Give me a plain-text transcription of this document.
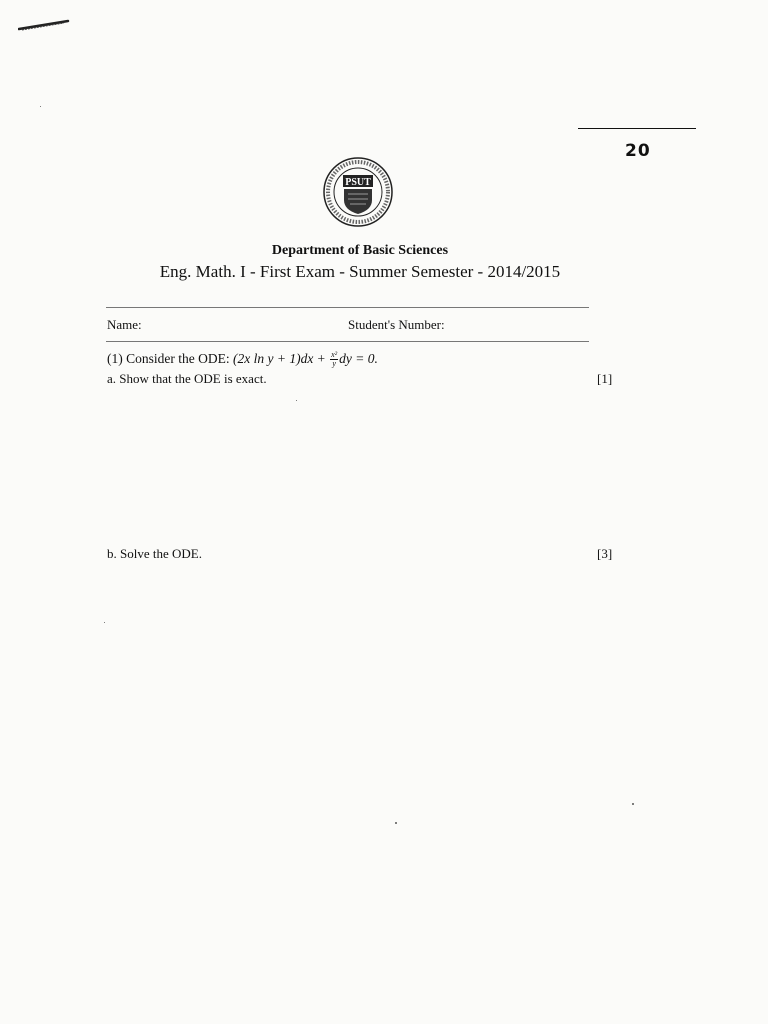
20
PSUT
Department of Basic Sciences
Eng. Math. I - First Exam - Summer Semester - 2014/2015
Name:	Student's Number:
(1) Consider the ODE: (2x $\ln y + 1)dx + \frac{\text{x²}}{y}$ dy = 0.
a. Show that the ODE is exact.	[1]
b. Solve the ODE.	[3]
